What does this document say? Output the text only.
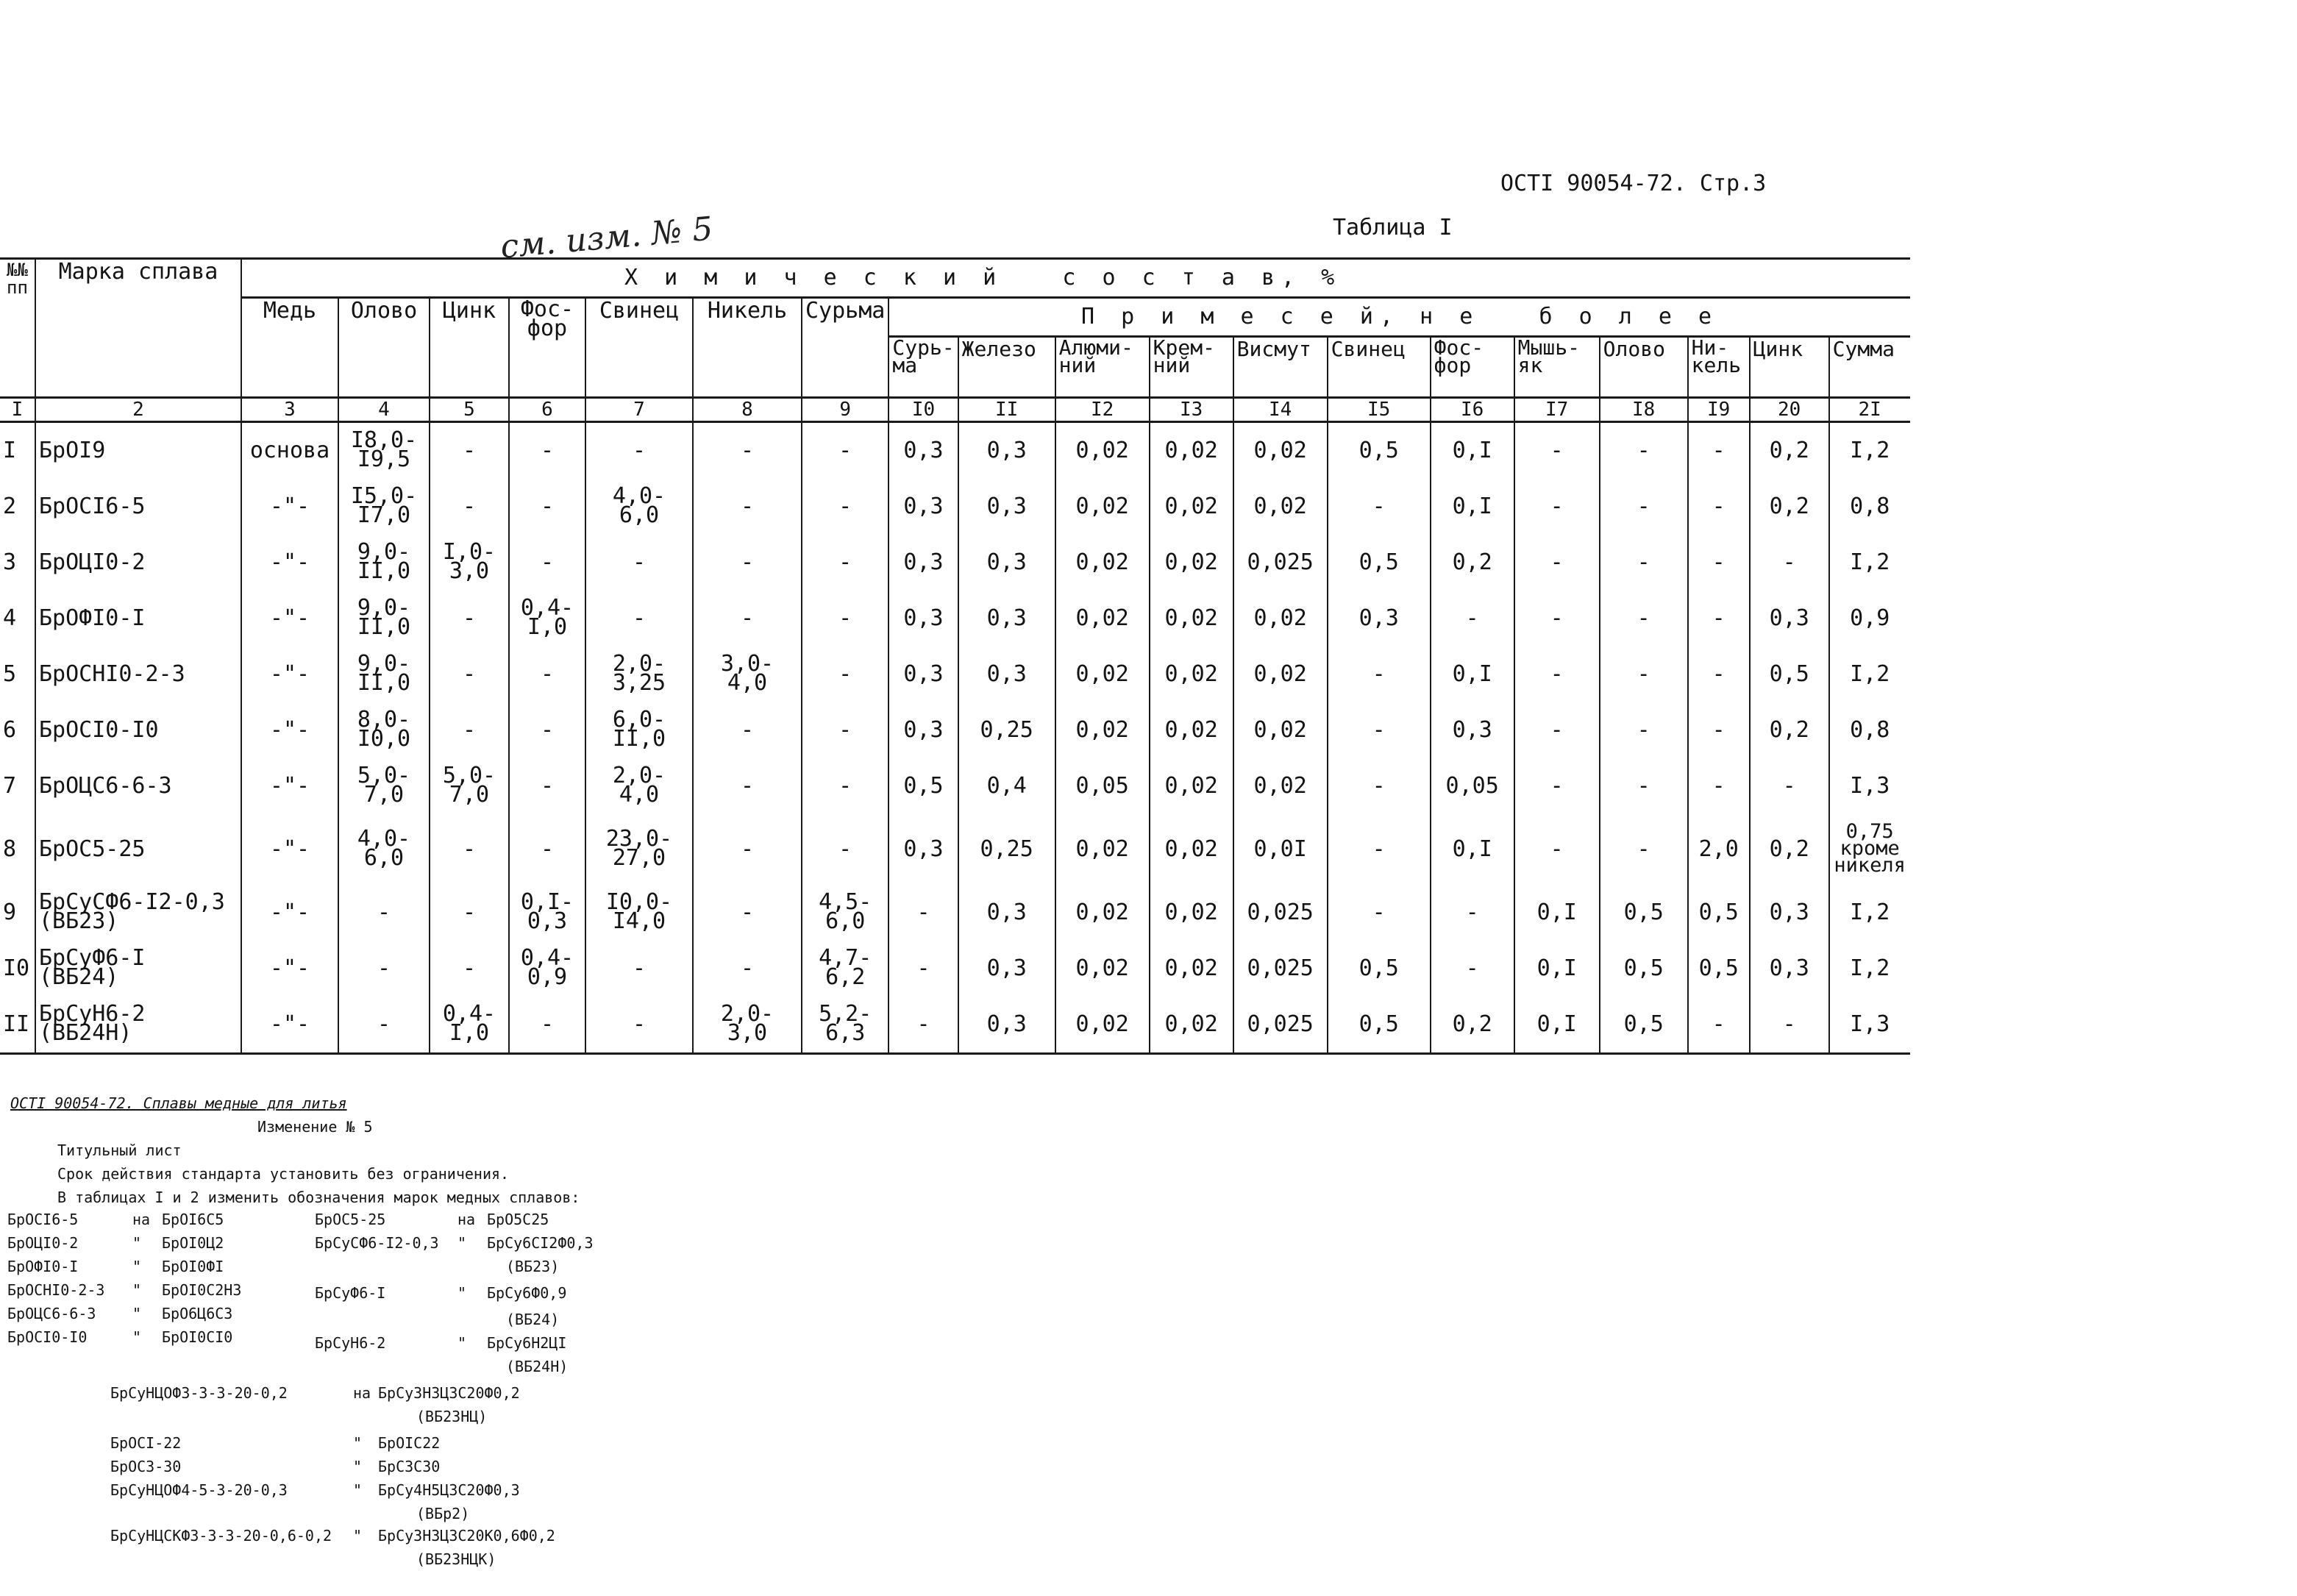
ОСТI 90054-72. Стр.3
Таблица I
см. изм. № 5
№№ пп	Марка сплава	Х и м и ч е с к и й   с о с т а в, %																		
		Медь	Олово	Цинк	Фос-
фор	Свинец	Никель	Сурьма	П р и м е с е й, н е   б о л е е											

									Сурь-
ма	Железо	Алюми-
ний	Крем-
ний	Висмут	Свинец	Фос-
фор	Мышь-
як	Олово	Ни-
кель	Цинк	Сумма
I	2	3	4	5	6	7	8	9	I0	II	I2	I3	I4	I5	I6	I7	I8	I9	20	2I
I	БрОI9	основа	I8,0-
I9,5	-	-	-	-	-	0,3	0,3	0,02	0,02	0,02	0,5	0,I	-	-	-	0,2	I,2
2	БрОСI6-5	-"-	I5,0-
I7,0	-	-	4,0-
6,0	-	-	0,3	0,3	0,02	0,02	0,02	-	0,I	-	-	-	0,2	0,8
3	БрОЦI0-2	-"-	9,0-
II,0	I,0-
3,0	-	-	-	-	0,3	0,3	0,02	0,02	0,025	0,5	0,2	-	-	-	-	I,2
4	БрОФI0-I	-"-	9,0-
II,0	-	0,4-
I,0	-	-	-	0,3	0,3	0,02	0,02	0,02	0,3	-	-	-	-	0,3	0,9
5	БрОСНI0-2-3	-"-	9,0-
II,0	-	-	2,0-
3,25	3,0-
4,0	-	0,3	0,3	0,02	0,02	0,02	-	0,I	-	-	-	0,5	I,2
6	БрОСI0-I0	-"-	8,0-
I0,0	-	-	6,0-
II,0	-	-	0,3	0,25	0,02	0,02	0,02	-	0,3	-	-	-	0,2	0,8
7	БрОЦС6-6-3	-"-	5,0-
7,0	5,0-
7,0	-	2,0-
4,0	-	-	0,5	0,4	0,05	0,02	0,02	-	0,05	-	-	-	-	I,3
8	БрОС5-25	-"-	4,0-
6,0	-	-	23,0-
27,0	-	-	0,3	0,25	0,02	0,02	0,0I	-	0,I	-	-	2,0	0,2	0,75
кроме
никеля

9	БрСуСФ6-I2-0,3
(ВБ23)	-"-	-	-	0,I-
0,3	I0,0-
I4,0	-	4,5-
6,0	-	0,3	0,02	0,02	0,025	-	-	0,I	0,5	0,5	0,3	I,2
I0	БрСуФ6-I
(ВБ24)	-"-	-	-	0,4-
0,9	-	-	4,7-
6,2	-	0,3	0,02	0,02	0,025	0,5	-	0,I	0,5	0,5	0,3	I,2
II	БрСуН6-2
(ВБ24Н)	-"-	-	0,4-
I,0	-	-	2,0-
3,0	5,2-
6,3	-	0,3	0,02	0,02	0,025	0,5	0,2	0,I	0,5	-	-	I,3
ОСТI 90054-72. Сплавы медные для литья
Изменение № 5
Титульный лист
Срок действия стандарта установить без ограничения.
В таблицах I и 2 изменить обозначения марок медных сплавов:
БрОСI6-5	на БрОI6С5
БрОЦI0-2	" БрОI0Ц2
БрОФI0-I	" БрОI0ФI
БрОСНI0-2-3 " БрОI0С2Н3
БрОЦС6-6-3 " БрО6Ц6С3
БрОСI0-I0	" БрОI0СI0
БрОС5-25	на БрО5С25
БрСуСФ6-I2-0,3 " БрСу6СI2Ф0,3
(ВБ23)
БрСуФ6-I	" БрСу6Ф0,9
(ВБ24)
БрСуН6-2	" БрСу6Н2ЦI
(ВБ24Н)
БрСуНЦОФ3-3-3-20-0,2	на БрСу3Н3Ц3С20Ф0,2
(ВБ23НЦ)
БрОСI-22	" БрОIС22
БрОС3-30	" БрС3С30
БрСуНЦОФ4-5-3-20-0,3	" БрСу4Н5Ц3С20Ф0,3
(ВБр2)
БрСуНЦСКФ3-3-3-20-0,6-0,2 " БрСу3Н3Ц3С20К0,6Ф0,2
(ВБ23НЦК)
